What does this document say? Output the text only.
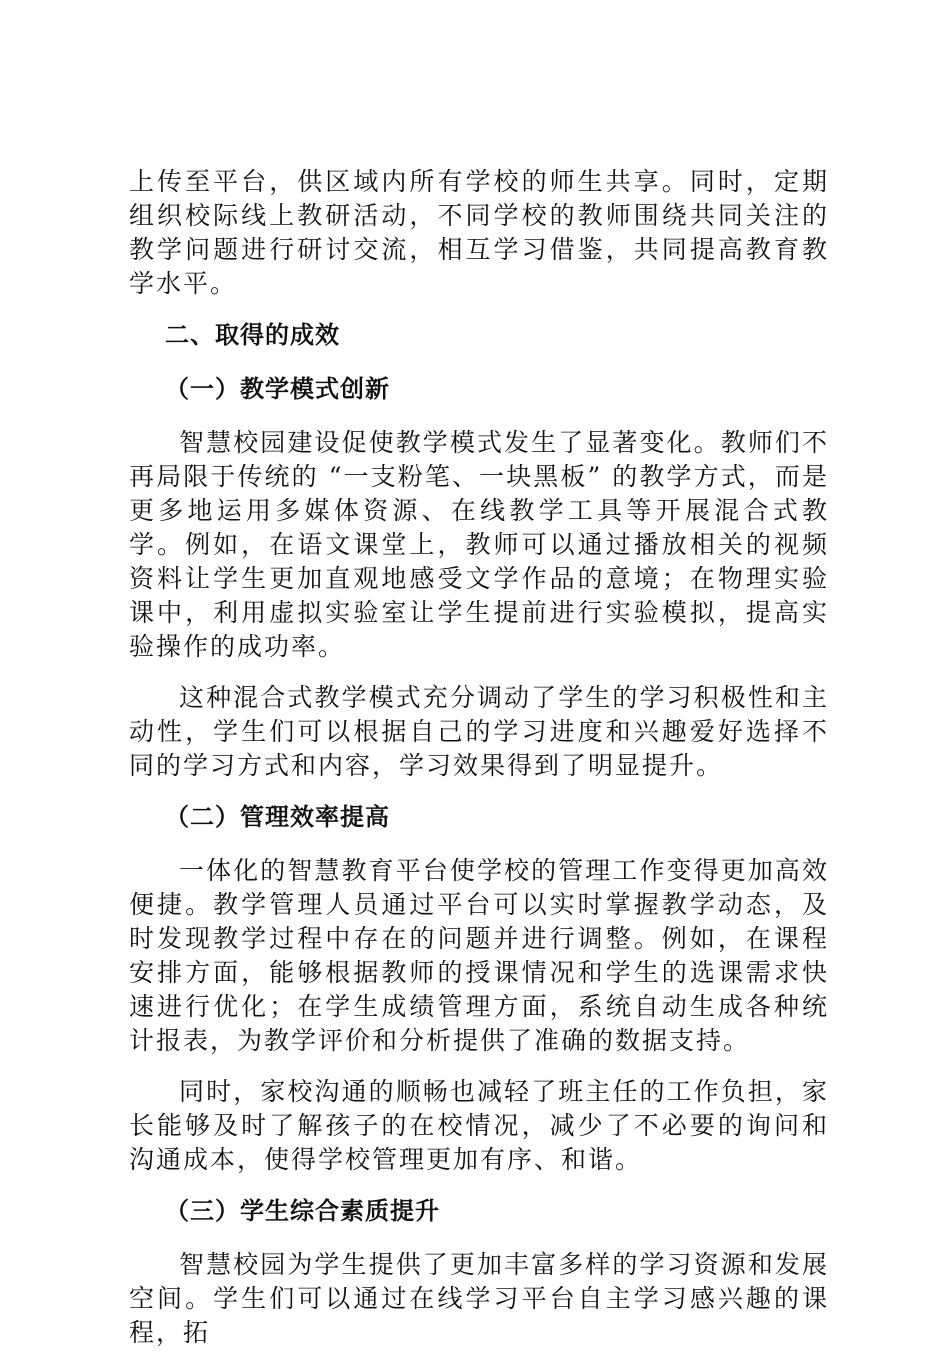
上传至平台，供区域内所有学校的师生共享。同时，定期组织校际线上教研活动，不同学校的教师围绕共同关注的教学问题进行研讨交流，相互学习借鉴，共同提高教育教学水平。

二、取得的成效

（一）教学模式创新

智慧校园建设促使教学模式发生了显著变化。教师们不再局限于传统的 “一支粉笔、一块黑板” 的教学方式，而是更多地运用多媒体资源、在线教学工具等开展混合式教学。例如，在语文课堂上，教师可以通过播放相关的视频资料让学生更加直观地感受文学作品的意境；在物理实验课中，利用虚拟实验室让学生提前进行实验模拟，提高实验操作的成功率。

这种混合式教学模式充分调动了学生的学习积极性和主动性，学生们可以根据自己的学习进度和兴趣爱好选择不同的学习方式和内容，学习效果得到了明显提升。

（二）管理效率提高

一体化的智慧教育平台使学校的管理工作变得更加高效便捷。教学管理人员通过平台可以实时掌握教学动态，及时发现教学过程中存在的问题并进行调整。例如，在课程安排方面，能够根据教师的授课情况和学生的选课需求快速进行优化；在学生成绩管理方面，系统自动生成各种统计报表，为教学评价和分析提供了准确的数据支持。

同时，家校沟通的顺畅也减轻了班主任的工作负担，家长能够及时了解孩子的在校情况，减少了不必要的询问和沟通成本，使得学校管理更加有序、和谐。

（三）学生综合素质提升

智慧校园为学生提供了更加丰富多样的学习资源和发展空间。学生们可以通过在线学习平台自主学习感兴趣的课程，拓
